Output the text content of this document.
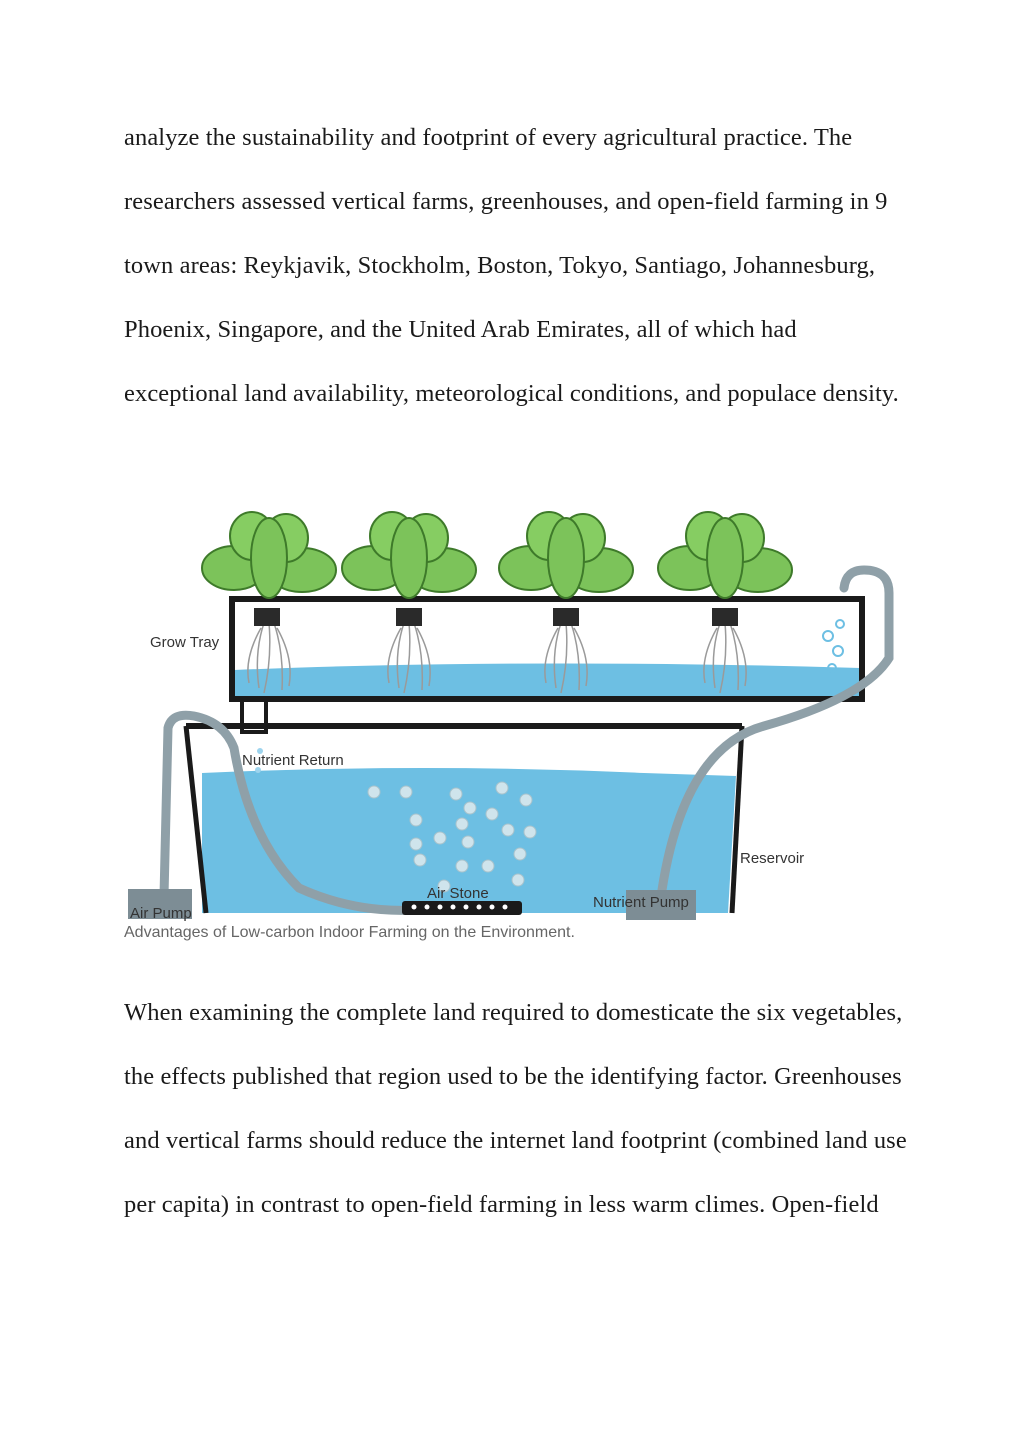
analyze the sustainability and footprint of every agricultural practice. The researchers assessed vertical farms, greenhouses, and open-field farming in 9 town areas: Reykjavik, Stockholm, Boston, Tokyo, Santiago, Johannesburg, Phoenix, Singapore, and the United Arab Emirates, all of which had exceptional land availability, meteorological conditions, and populace density.

Grow Tray
Nutrient Return
Reservoir
Air Stone
Nutrient Pump
Air Pump
Advantages of Low-carbon Indoor Farming on the Environment.

When examining the complete land required to domesticate the six vegetables, the effects published that region used to be the identifying factor. Greenhouses and vertical farms should reduce the internet land footprint (combined land use per capita) in contrast to open-field farming in less warm climes. Open-field
